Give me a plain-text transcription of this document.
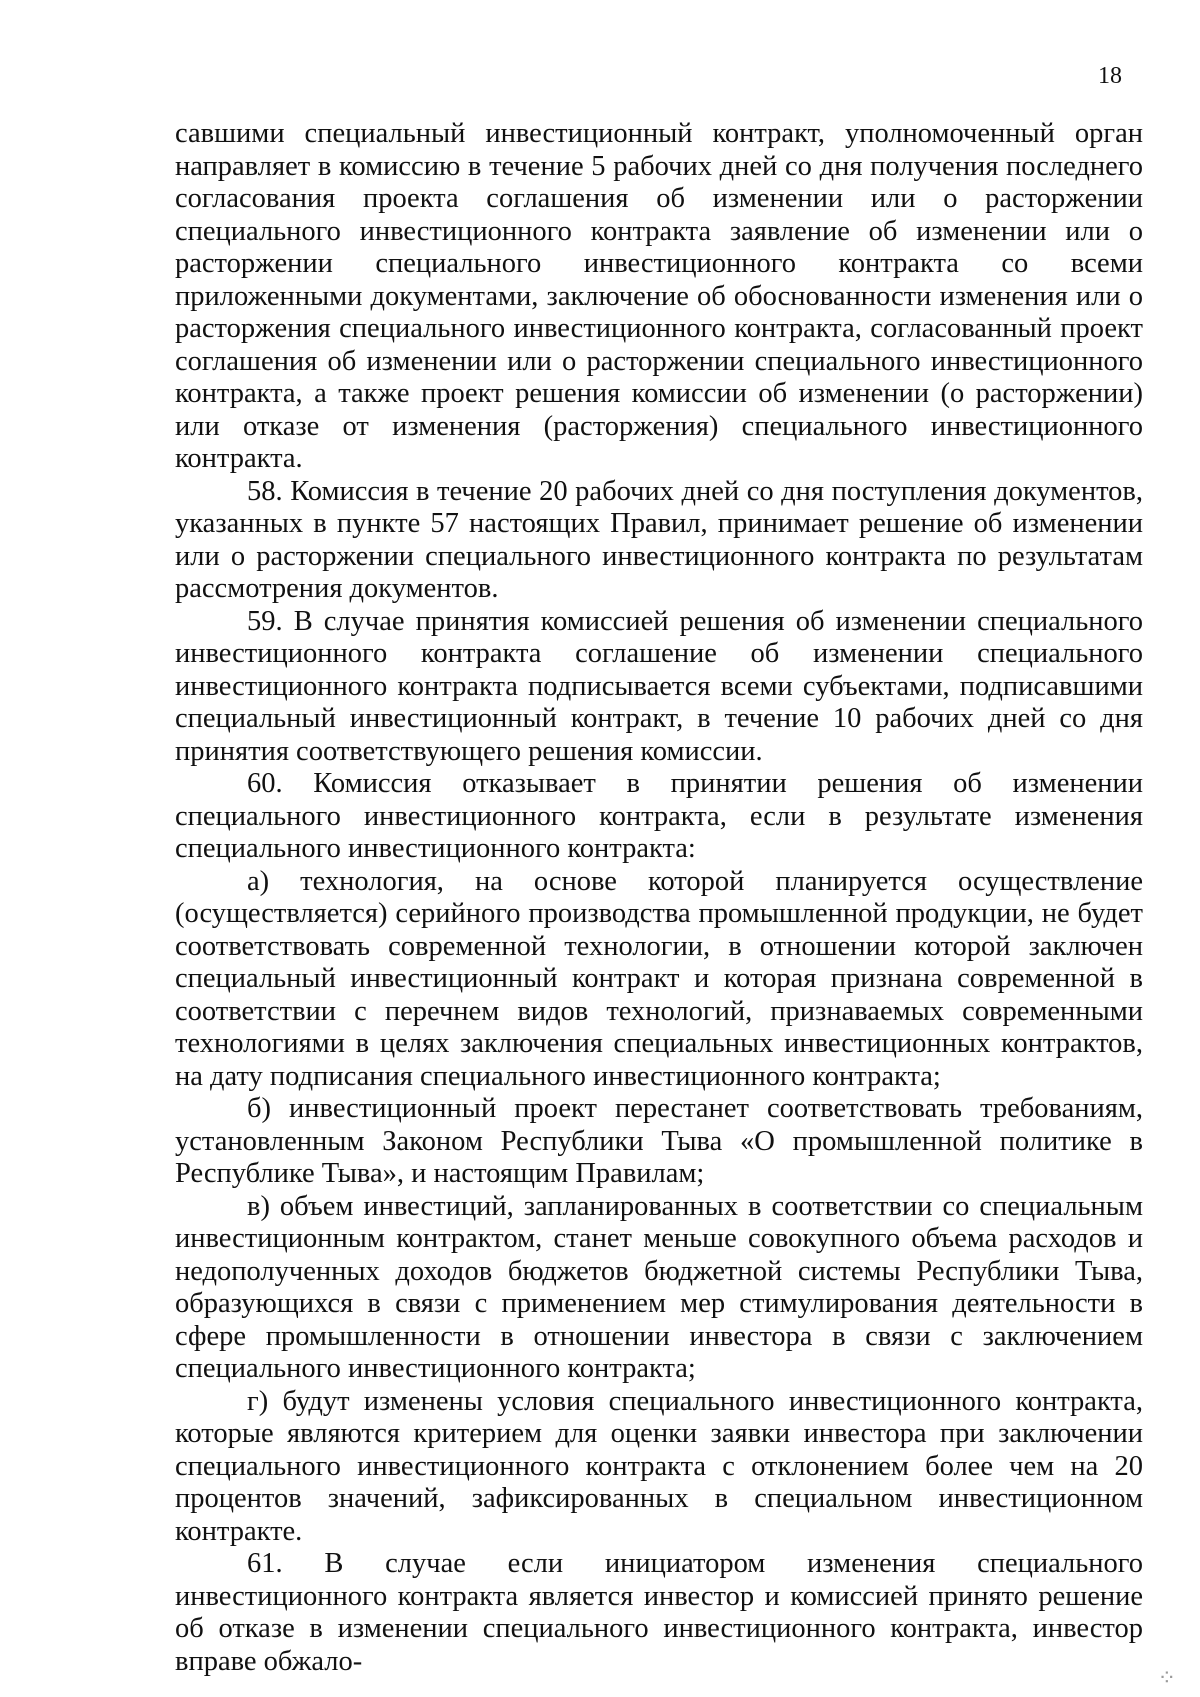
18

савшими специальный инвестиционный контракт, уполномоченный орган направляет в комиссию в течение 5 рабочих дней со дня получения последнего согласования проекта соглашения об изменении или о расторжении специального инвестиционного контракта заявление об изменении или о расторжении специального инвестиционного контракта со всеми приложенными документами, заключение об обоснованности изменения или о расторжения специального инвестиционного контракта, согласованный проект соглашения об изменении или о расторжении специального инвестиционного контракта, а также проект решения комиссии об изменении (о расторжении) или отказе от изменения (расторжения) специального инвестиционного контракта.

58. Комиссия в течение 20 рабочих дней со дня поступления документов, указанных в пункте 57 настоящих Правил, принимает решение об изменении или о расторжении специального инвестиционного контракта по результатам рассмотрения документов.

59. В случае принятия комиссией решения об изменении специального инвестиционного контракта соглашение об изменении специального инвестиционного контракта подписывается всеми субъектами, подписавшими специальный инвестиционный контракт, в течение 10 рабочих дней со дня принятия соответствующего решения комиссии.

60. Комиссия отказывает в принятии решения об изменении специального инвестиционного контракта, если в результате изменения специального инвестиционного контракта:

а) технология, на основе которой планируется осуществление (осуществляется) серийного производства промышленной продукции, не будет соответствовать современной технологии, в отношении которой заключен специальный инвестиционный контракт и которая признана современной в соответствии с перечнем видов технологий, признаваемых современными технологиями в целях заключения специальных инвестиционных контрактов, на дату подписания специального инвестиционного контракта;

б) инвестиционный проект перестанет соответствовать требованиям, установленным Законом Республики Тыва «О промышленной политике в Республике Тыва», и настоящим Правилам;

в) объем инвестиций, запланированных в соответствии со специальным инвестиционным контрактом, станет меньше совокупного объема расходов и недополученных доходов бюджетов бюджетной системы Республики Тыва, образующихся в связи с применением мер стимулирования деятельности в сфере промышленности в отношении инвестора в связи с заключением специального инвестиционного контракта;

г) будут изменены условия специального инвестиционного контракта, которые являются критерием для оценки заявки инвестора при заключении специального инвестиционного контракта с отклонением более чем на 20 процентов значений, зафиксированных в специальном инвестиционном контракте.

61. В случае если инициатором изменения специального инвестиционного контракта является инвестор и комиссией принято решение об отказе в изменении специального инвестиционного контракта, инвестор вправе обжало-

⁘
